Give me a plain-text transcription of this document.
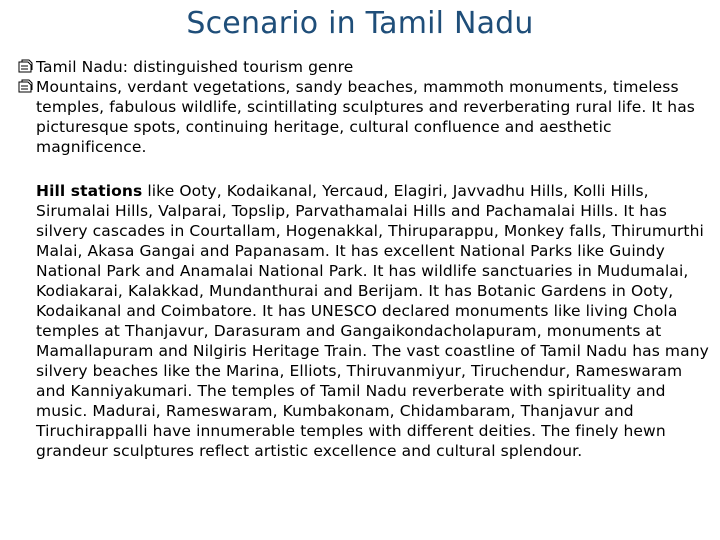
Scenario in Tamil Nadu
Tamil Nadu: distinguished tourism genre
Mountains, verdant vegetations, sandy beaches, mammoth monuments, timeless temples, fabulous wildlife, scintillating sculptures and reverberating rural life. It has picturesque spots, continuing heritage, cultural confluence and aesthetic magnificence.

Hill stations like Ooty, Kodaikanal, Yercaud, Elagiri, Javvadhu Hills, Kolli Hills, Sirumalai Hills, Valparai, Topslip, Parvathamalai Hills and Pachamalai Hills. It has silvery cascades in Courtallam, Hogenakkal, Thiruparappu, Monkey falls, Thirumurthi Malai, Akasa Gangai and Papanasam. It has excellent National Parks like Guindy National Park and Anamalai National Park. It has wildlife sanctuaries in Mudumalai, Kodiakarai, Kalakkad, Mundanthurai and Berijam. It has Botanic Gardens in Ooty, Kodaikanal and Coimbatore. It has UNESCO declared monuments like living Chola temples at Thanjavur, Darasuram and Gangaikondacholapuram, monuments at Mamallapuram and Nilgiris Heritage Train. The vast coastline of Tamil Nadu has many silvery beaches like the Marina, Elliots, Thiruvanmiyur, Tiruchendur, Rameswaram and Kanniyakumari. The temples of Tamil Nadu reverberate with spirituality and music. Madurai, Rameswaram, Kumbakonam, Chidambaram, Thanjavur and Tiruchirappalli have innumerable temples with different deities. The finely hewn grandeur sculptures reflect artistic excellence and cultural splendour.
